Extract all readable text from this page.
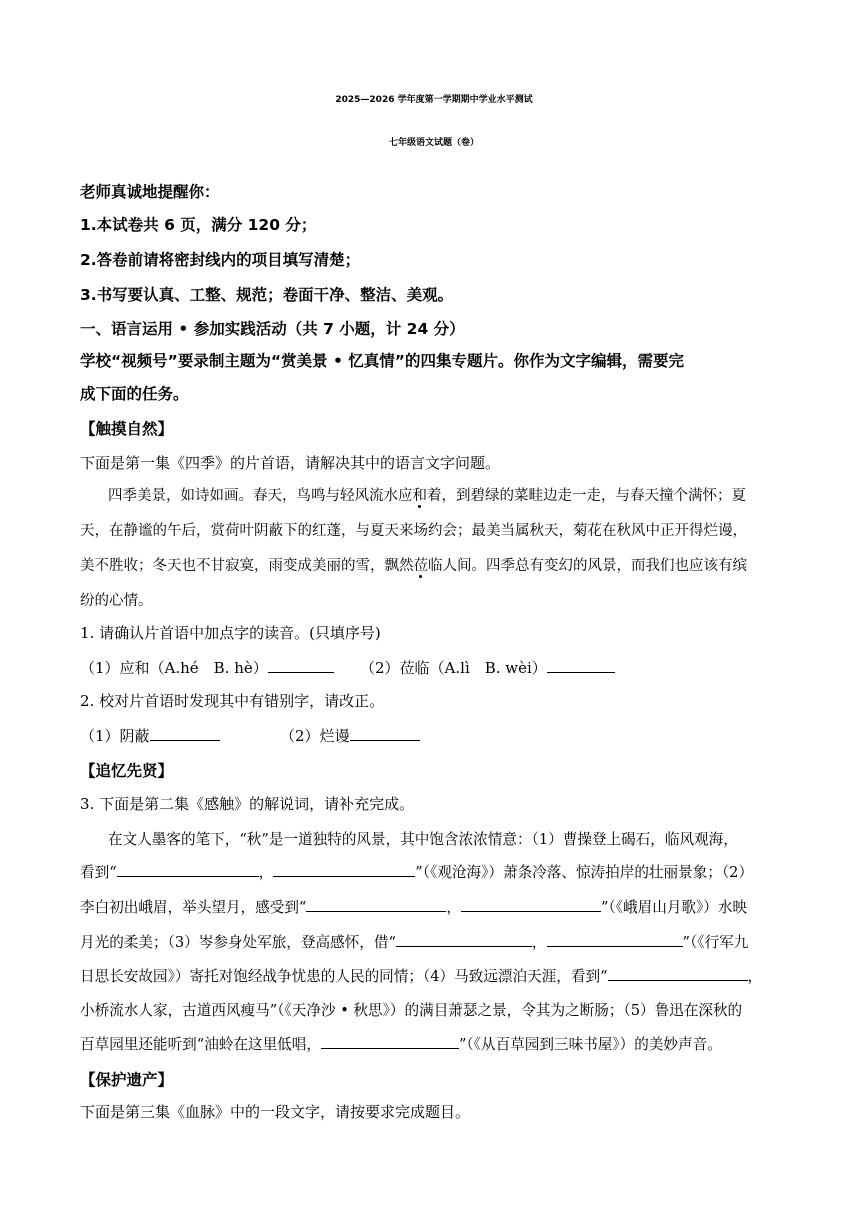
2025—2026 学年度第一学期期中学业水平测试
七年级语文试题（卷）
老师真诚地提醒你：
1.本试卷共 6 页，满分 120 分；
2.答卷前请将密封线内的项目填写清楚；
3.书写要认真、工整、规范；卷面干净、整洁、美观。
一、语言运用 • 参加实践活动（共 7 小题，计 24 分）
学校“视频号”要录制主题为“赏美景 • 忆真情”的四集专题片。你作为文字编辑，需要完
成下面的任务。
【触摸自然】
下面是第一集《四季》的片首语，请解决其中的语言文字问题。
四季美景，如诗如画。春天，鸟鸣与轻风流水应和着，到碧绿的菜畦边走一走，与春天撞个满怀；夏
天，在静谧的午后，赏荷叶阴蔽下的红蓬，与夏天来场约会；最美当属秋天，菊花在秋风中正开得烂谩，
美不胜收；冬天也不甘寂寞，雨变成美丽的雪，飘然莅临人间。四季总有变幻的风景，而我们也应该有缤
纷的心情。
1. 请确认片首语中加点字的读音。(只填序号)
（1）应和（A.hé　B. hè）	（2）莅临（A.lì　B. wèi）
2. 校对片首语时发现其中有错别字，请改正。
（1）阴蔽	（2）烂谩
【追忆先贤】
3. 下面是第二集《感触》的解说词，请补充完成。
在文人墨客的笔下，“秋”是一道独特的风景，其中饱含浓浓情意：（1）曹操登上碣石，临风观海，
看到“	，	”（《观沧海》）萧条冷落、惊涛拍岸的壮丽景象；（2）
李白初出峨眉，举头望月，感受到“	，	”（《峨眉山月歌》）水映
月光的柔美；（3）岑参身处军旅，登高感怀，借“	，	”（《行军九
日思长安故园》）寄托对饱经战争忧患的人民的同情；（4）马致远漂泊天涯，看到“	，
小桥流水人家，古道西风瘦马”（《天净沙 • 秋思》）的满目萧瑟之景，令其为之断肠；（5）鲁迅在深秋的
百草园里还能听到“油蛉在这里低唱，	”（《从百草园到三味书屋》）的美妙声音。
【保护遗产】
下面是第三集《血脉》中的一段文字，请按要求完成题目。
